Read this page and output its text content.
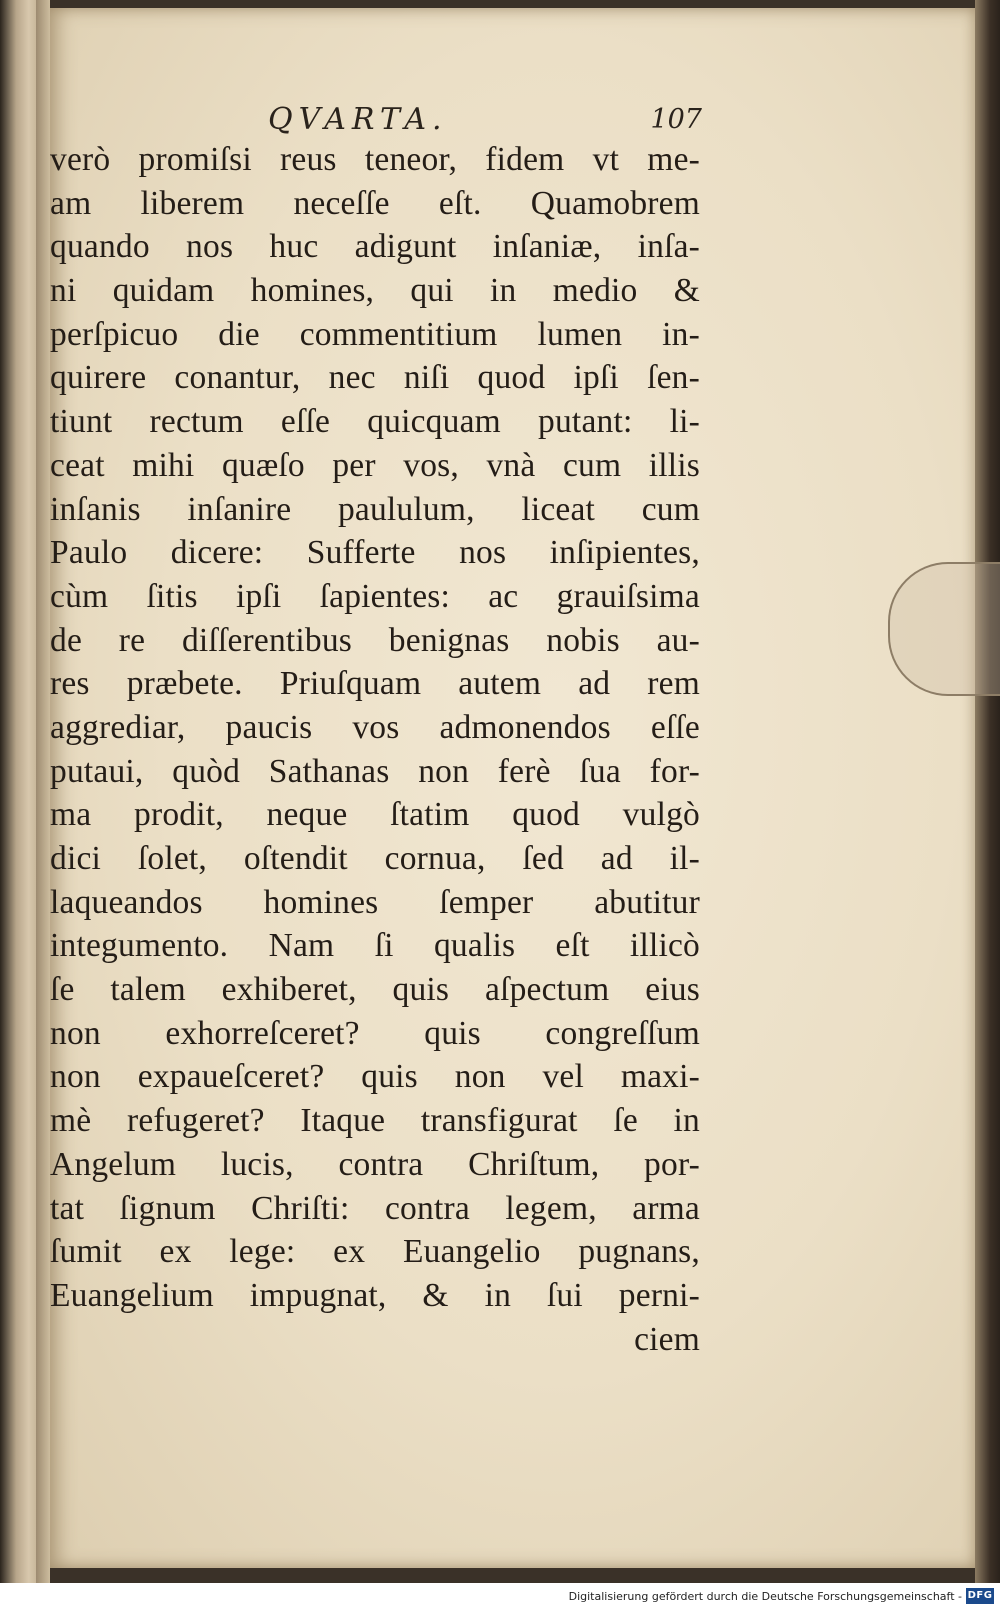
QVARTA.	107
verò promiſsi reus teneor, fidem vt me-
am liberem neceſſe eſt. Quamobrem
quando nos huc adigunt inſaniæ, inſa-
ni quidam homines, qui in medio &
perſpicuo die commentitium lumen in-
quirere conantur, nec niſi quod ipſi ſen-
tiunt rectum eſſe quicquam putant: li-
ceat mihi quæſo per vos, vnà cum illis
inſanis inſanire paululum, liceat cum
Paulo dicere: Sufferte nos inſipientes,
cùm ſitis ipſi ſapientes: ac grauiſsima
de re diſſerentibus benignas nobis au-
res præbete. Priuſquam autem ad rem
aggrediar, paucis vos admonendos eſſe
putaui, quòd Sathanas non ferè ſua for-
ma prodit, neque ſtatim quod vulgò
dici ſolet, oſtendit cornua, ſed ad il-
laqueandos homines ſemper abutitur
integumento. Nam ſi qualis eſt illicò
ſe talem exhiberet, quis aſpectum eius
non exhorreſceret? quis congreſſum
non expaueſceret? quis non vel maxi-
mè refugeret? Itaque transfigurat ſe in
Angelum lucis, contra Chriſtum, por-
tat ſignum Chriſti: contra legem, arma
ſumit ex lege: ex Euangelio pugnans,
Euangelium impugnat, & in ſui perni-
ciem
Digitalisierung gefördert durch die Deutsche Forschungsgemeinschaft - DFG
